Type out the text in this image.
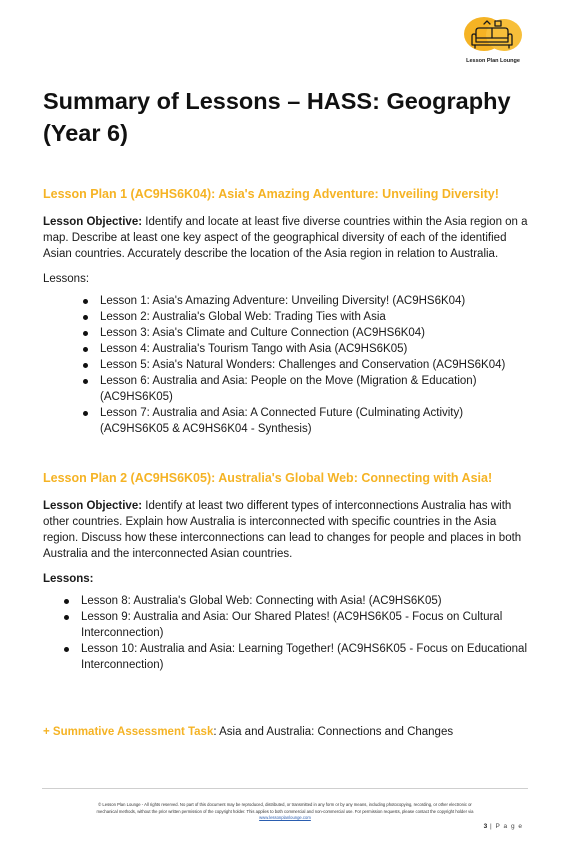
Lesson Plan Lounge
Summary of Lessons – HASS: Geography (Year 6)
Lesson Plan 1 (AC9HS6K04): Asia's Amazing Adventure: Unveiling Diversity!

Lesson Objective: Identify and locate at least five diverse countries within the Asia region on a map. Describe at least one key aspect of the geographical diversity of each of the identified Asian countries. Accurately describe the location of the Asia region in relation to Australia.

Lessons:

Lesson 1: Asia's Amazing Adventure: Unveiling Diversity! (AC9HS6K04)
Lesson 2: Australia's Global Web: Trading Ties with Asia
Lesson 3: Asia's Climate and Culture Connection (AC9HS6K04)
Lesson 4: Australia's Tourism Tango with Asia (AC9HS6K05)
Lesson 5: Asia's Natural Wonders: Challenges and Conservation (AC9HS6K04)
Lesson 6: Australia and Asia: People on the Move (Migration & Education) (AC9HS6K05)
Lesson 7: Australia and Asia: A Connected Future (Culminating Activity) (AC9HS6K05 & AC9HS6K04 - Synthesis)
Lesson Plan 2 (AC9HS6K05): Australia's Global Web: Connecting with Asia!

Lesson Objective: Identify at least two different types of interconnections Australia has with other countries. Explain how Australia is interconnected with specific countries in the Asia region. Discuss how these interconnections can lead to changes for people and places in both Australia and the interconnected Asian countries.

Lessons:

Lesson 8: Australia's Global Web: Connecting with Asia! (AC9HS6K05)
Lesson 9: Australia and Asia: Our Shared Plates! (AC9HS6K05 - Focus on Cultural Interconnection)
Lesson 10: Australia and Asia: Learning Together! (AC9HS6K05 - Focus on Educational Interconnection)
+ Summative Assessment Task: Asia and Australia: Connections and Changes
© Lesson Plan Lounge - All rights reserved. No part of this document may be reproduced, distributed, or transmitted in any form or by any means, including photocopying, recording, or other electronic or
mechanical methods, without the prior written permission of the copyright holder. This applies to both commercial and non-commercial use. For permission requests, please contact the copyright holder via
www.lessonplanlounge.com
3 | P a g e
